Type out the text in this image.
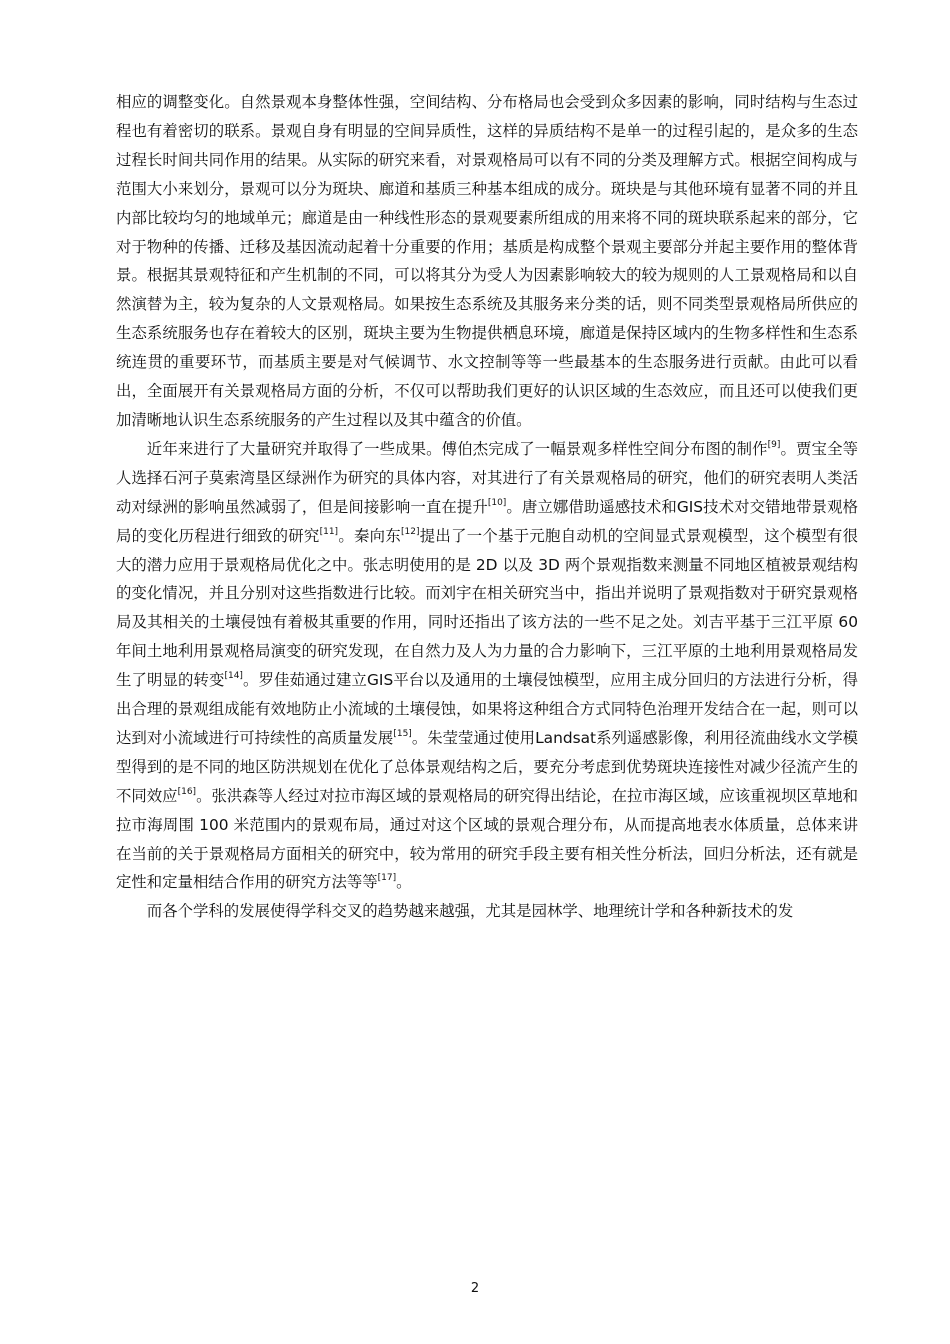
相应的调整变化。自然景观本身整体性强，空间结构、分布格局也会受到众多因素的影响，同时结构与生态过程也有着密切的联系。景观自身有明显的空间异质性，这样的异质结构不是单一的过程引起的，是众多的生态过程长时间共同作用的结果。从实际的研究来看，对景观格局可以有不同的分类及理解方式。根据空间构成与范围大小来划分，景观可以分为斑块、廊道和基质三种基本组成的成分。斑块是与其他环境有显著不同的并且内部比较均匀的地域单元；廊道是由一种线性形态的景观要素所组成的用来将不同的斑块联系起来的部分，它对于物种的传播、迁移及基因流动起着十分重要的作用；基质是构成整个景观主要部分并起主要作用的整体背景。根据其景观特征和产生机制的不同，可以将其分为受人为因素影响较大的较为规则的人工景观格局和以自然演替为主，较为复杂的人文景观格局。如果按生态系统及其服务来分类的话，则不同类型景观格局所供应的生态系统服务也存在着较大的区别，斑块主要为生物提供栖息环境，廊道是保持区域内的生物多样性和生态系统连贯的重要环节，而基质主要是对气候调节、水文控制等等一些最基本的生态服务进行贡献。由此可以看出，全面展开有关景观格局方面的分析，不仅可以帮助我们更好的认识区域的生态效应，而且还可以使我们更加清晰地认识生态系统服务的产生过程以及其中蕴含的价值。

近年来进行了大量研究并取得了一些成果。傅伯杰完成了一幅景观多样性空间分布图的制作[9]。贾宝全等人选择石河子莫索湾垦区绿洲作为研究的具体内容，对其进行了有关景观格局的研究，他们的研究表明人类活动对绿洲的影响虽然减弱了，但是间接影响一直在提升[10]。唐立娜借助遥感技术和GIS技术对交错地带景观格局的变化历程进行细致的研究[11]。秦向东[12]提出了一个基于元胞自动机的空间显式景观模型，这个模型有很大的潜力应用于景观格局优化之中。张志明使用的是 2D 以及 3D 两个景观指数来测量不同地区植被景观结构的变化情况，并且分别对这些指数进行比较。而刘宇在相关研究当中，指出并说明了景观指数对于研究景观格局及其相关的土壤侵蚀有着极其重要的作用，同时还指出了该方法的一些不足之处。刘吉平基于三江平原 60 年间土地利用景观格局演变的研究发现，在自然力及人为力量的合力影响下，三江平原的土地利用景观格局发生了明显的转变[14]。罗佳茹通过建立GIS平台以及通用的土壤侵蚀模型，应用主成分回归的方法进行分析，得出合理的景观组成能有效地防止小流域的土壤侵蚀，如果将这种组合方式同特色治理开发结合在一起，则可以达到对小流域进行可持续性的高质量发展[15]。朱莹莹通过使用Landsat系列遥感影像，利用径流曲线水文学模型得到的是不同的地区防洪规划在优化了总体景观结构之后，要充分考虑到优势斑块连接性对减少径流产生的不同效应[16]。张洪森等人经过对拉市海区域的景观格局的研究得出结论，在拉市海区域，应该重视坝区草地和拉市海周围 100 米范围内的景观布局，通过对这个区域的景观合理分布，从而提高地表水体质量，总体来讲在当前的关于景观格局方面相关的研究中，较为常用的研究手段主要有相关性分析法，回归分析法，还有就是定性和定量相结合作用的研究方法等等[17]。

而各个学科的发展使得学科交叉的趋势越来越强，尤其是园林学、地理统计学和各种新技术的发

2
